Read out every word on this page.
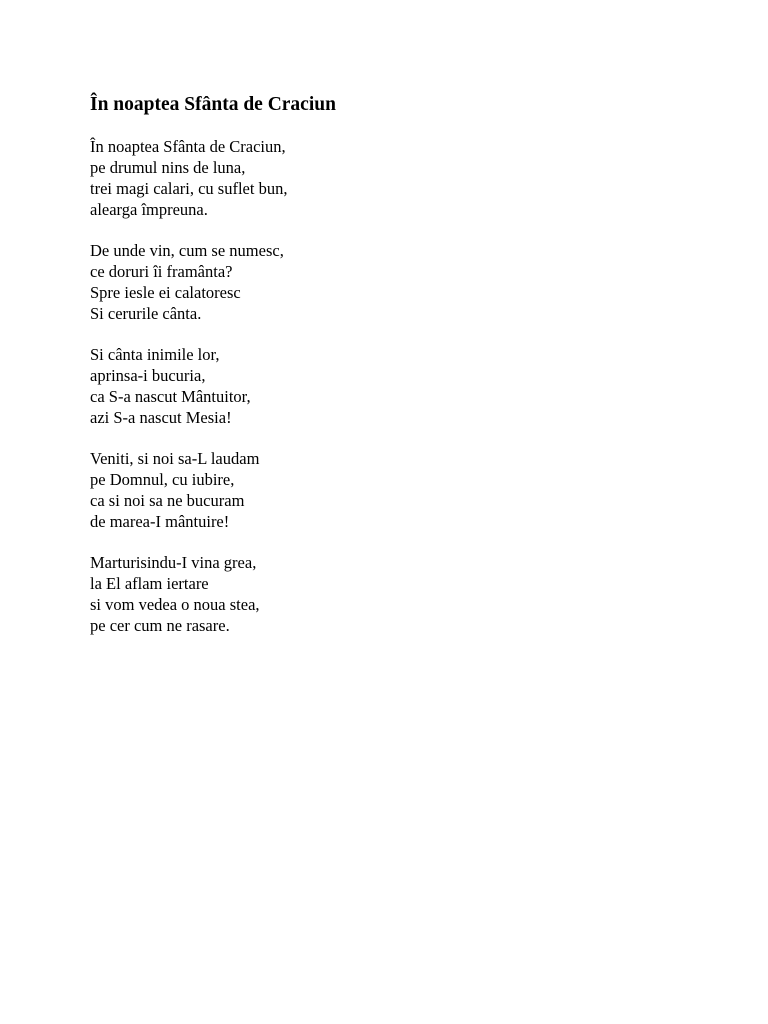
În noaptea Sfânta de Craciun
În noaptea Sfânta de Craciun,
pe drumul nins de luna,
trei magi calari, cu suflet bun,
alearga împreuna.
De unde vin, cum se numesc,
ce doruri îi framânta?
Spre iesle ei calatoresc
Si cerurile cânta.
Si cânta inimile lor,
aprinsa-i bucuria,
ca S-a nascut Mântuitor,
azi S-a nascut Mesia!
Veniti, si noi sa-L laudam
pe Domnul, cu iubire,
ca si noi sa ne bucuram
de marea-I mântuire!
Marturisindu-I vina grea,
la El aflam iertare
si vom vedea o noua stea,
pe cer cum ne rasare.
